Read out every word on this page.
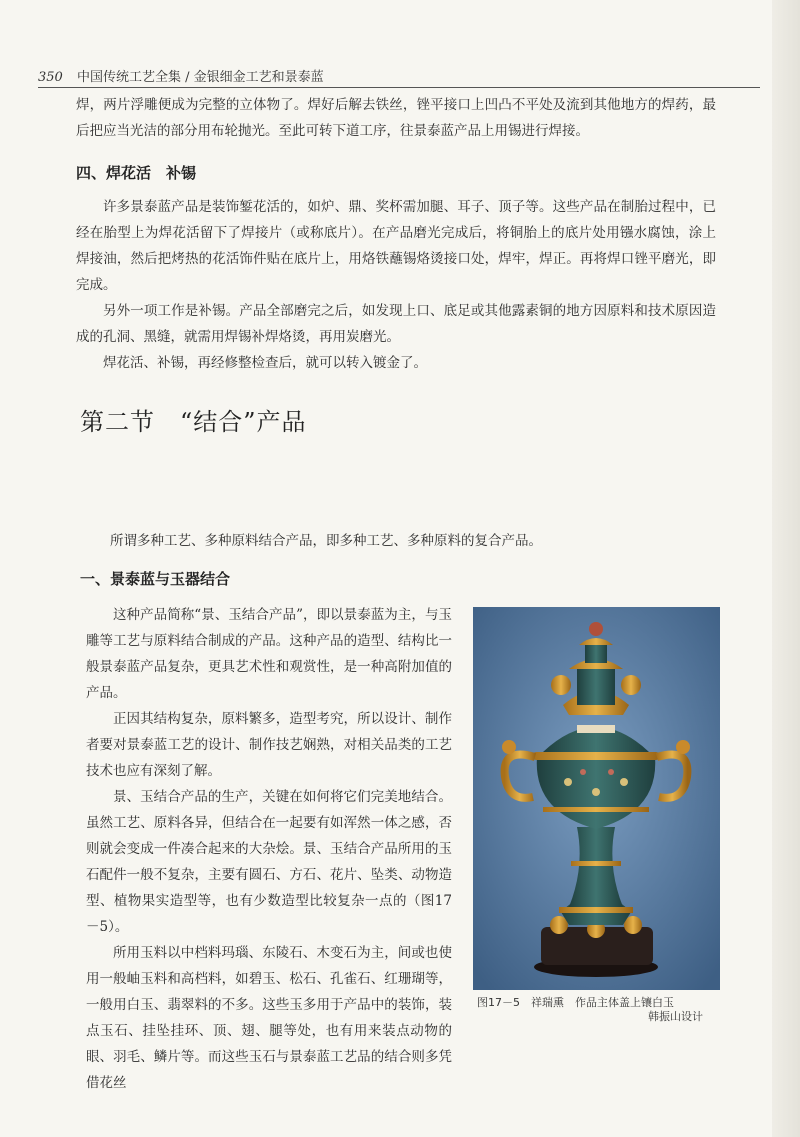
350 中国传统工艺全集 / 金银细金工艺和景泰蓝

焊，两片浮雕便成为完整的立体物了。焊好后解去铁丝，锉平接口上凹凸不平处及流到其他地方的焊药，最后把应当光洁的部分用布轮抛光。至此可转下道工序，往景泰蓝产品上用锡进行焊接。

四、焊花活　补锡

许多景泰蓝产品是装饰錾花活的，如炉、鼎、奖杯需加腿、耳子、顶子等。这些产品在制胎过程中，已经在胎型上为焊花活留下了焊接片（或称底片）。在产品磨光完成后，将铜胎上的底片处用镪水腐蚀，涂上焊接油，然后把烤热的花活饰件贴在底片上，用烙铁蘸锡烙烫接口处，焊牢，焊正。再将焊口锉平磨光，即完成。

另外一项工作是补锡。产品全部磨完之后，如发现上口、底足或其他露素铜的地方因原料和技术原因造成的孔洞、黑缝，就需用焊锡补焊烙烫，再用炭磨光。

焊花活、补锡，再经修整检查后，就可以转入镀金了。

第二节　“结合”产品

所谓多种工艺、多种原料结合产品，即多种工艺、多种原料的复合产品。

一、景泰蓝与玉器结合

这种产品简称“景、玉结合产品”，即以景泰蓝为主，与玉雕等工艺与原料结合制成的产品。这种产品的造型、结构比一般景泰蓝产品复杂，更具艺术性和观赏性，是一种高附加值的产品。

正因其结构复杂，原料繁多，造型考究，所以设计、制作者要对景泰蓝工艺的设计、制作技艺娴熟，对相关品类的工艺技术也应有深刻了解。

景、玉结合产品的生产，关键在如何将它们完美地结合。虽然工艺、原料各异，但结合在一起要有如浑然一体之感，否则就会变成一件凑合起来的大杂烩。景、玉结合产品所用的玉石配件一般不复杂，主要有圆石、方石、花片、坠类、动物造型、植物果实造型等，也有少数造型比较复杂一点的（图17－5）。

所用玉料以中档料玛瑙、东陵石、木变石为主，间或也使用一般岫玉料和高档料，如碧玉、松石、孔雀石、红珊瑚等，一般用白玉、翡翠料的不多。这些玉多用于产品中的装饰，装点玉石、挂坠挂环、顶、翅、腿等处，也有用来装点动物的眼、羽毛、鳞片等。而这些玉石与景泰蓝工艺品的结合则多凭借花丝

图17－5　祥瑞熏　作品主体盖上镶白玉
韩振山设计
